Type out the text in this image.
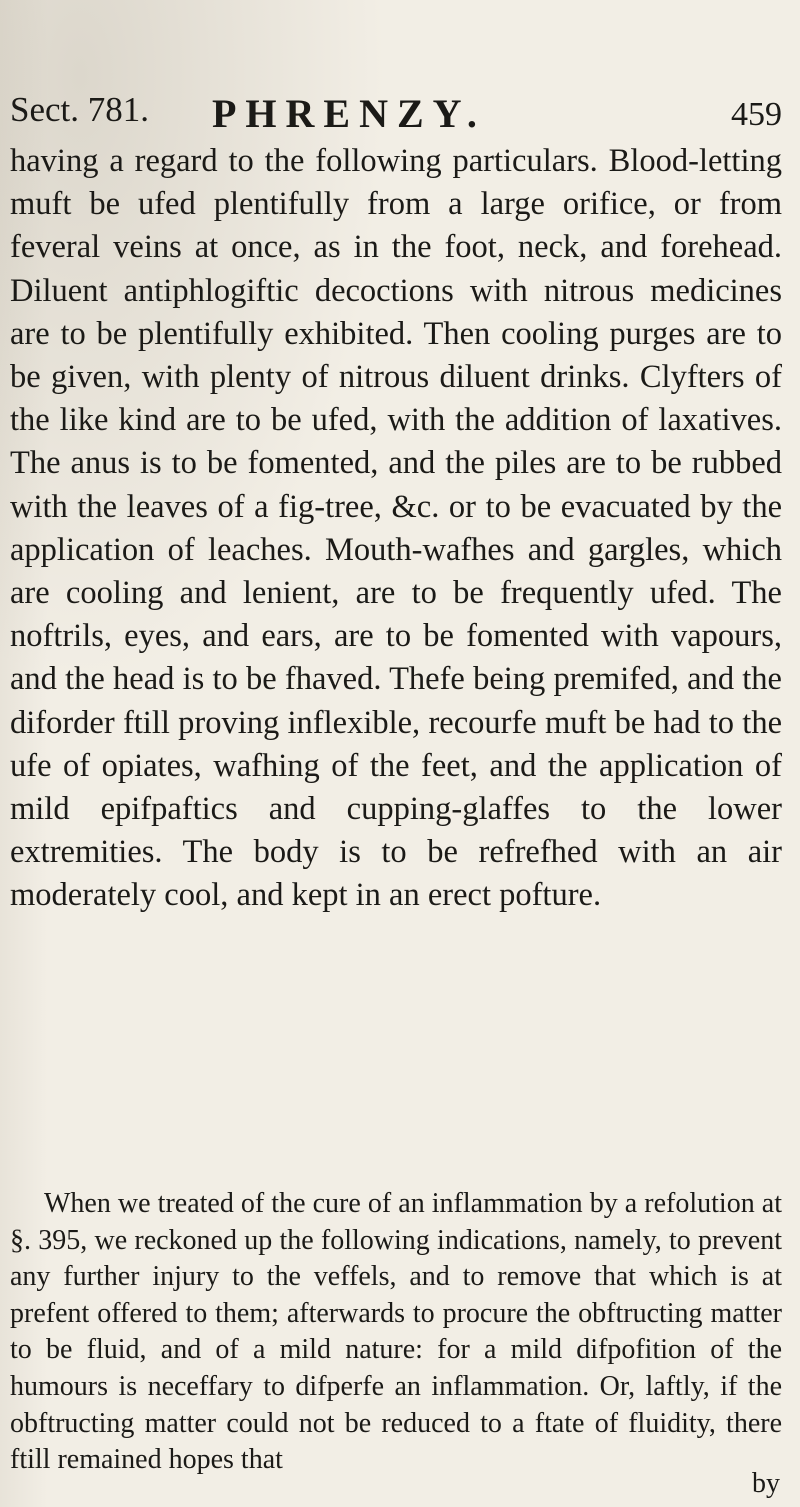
Sect. 781. PHRENZY.	459

having a regard to the following particulars. Blood-letting muft be ufed plentifully from a large orifice, or from feveral veins at once, as in the foot, neck, and forehead. Diluent antiphlogiftic decoctions with nitrous medicines are to be plentifully exhibited. Then cooling purges are to be given, with plenty of nitrous diluent drinks. Clyfters of the like kind are to be ufed, with the addition of laxatives. The anus is to be fomented, and the piles are to be rubbed with the leaves of a fig-tree, &c. or to be evacuated by the application of leaches. Mouth-wafhes and gargles, which are cooling and lenient, are to be frequently ufed. The noftrils, eyes, and ears, are to be fomented with vapours, and the head is to be fhaved. Thefe being premifed, and the diforder ftill proving inflexible, recourfe muft be had to the ufe of opiates, wafhing of the feet, and the application of mild epifpaftics and cupping-glaffes to the lower extremities. The body is to be refrefhed with an air moderately cool, and kept in an erect pofture.

When we treated of the cure of an inflammation by a refolution at §. 395, we reckoned up the following indications, namely, to prevent any further injury to the veffels, and to remove that which is at prefent offered to them; afterwards to procure the obftructing matter to be fluid, and of a mild nature: for a mild difpofition of the humours is neceffary to difperfe an inflammation. Or, laftly, if the obftructing matter could not be reduced to a ftate of fluidity, there ftill remained hopes that

by
